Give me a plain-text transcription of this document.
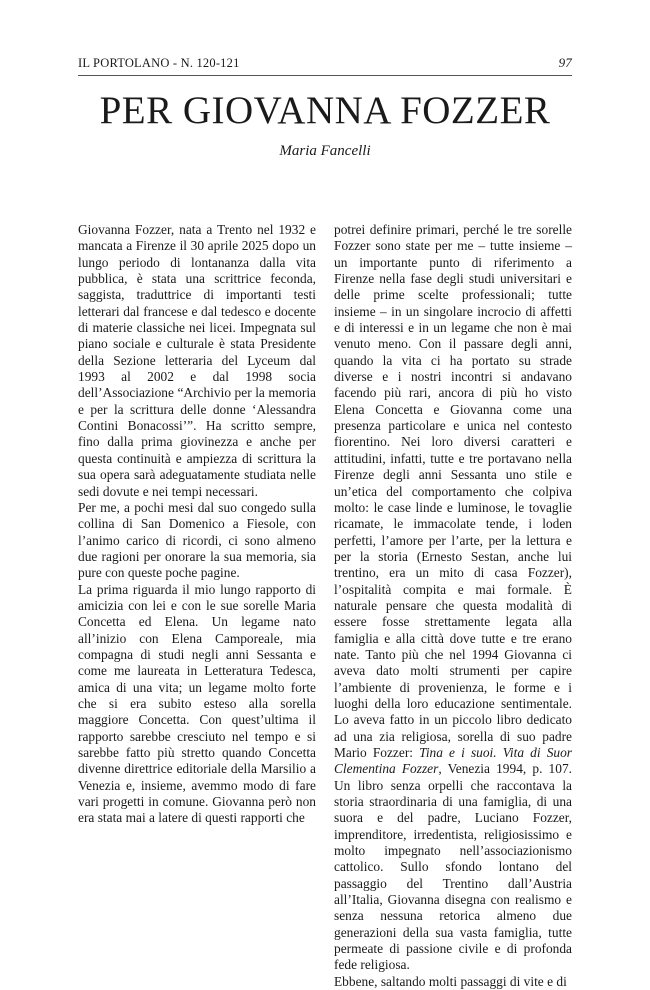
IL PORTOLANO - N. 120-121	97
PER GIOVANNA FOZZER
Maria Fancelli

Giovanna Fozzer, nata a Trento nel 1932 e mancata a Firenze il 30 aprile 2025 dopo un lungo periodo di lontananza dalla vita pubblica, è stata una scrittrice feconda, saggista, traduttrice di importanti testi letterari dal francese e dal tedesco e docente di materie classiche nei licei. Impegnata sul piano sociale e culturale è stata Presidente della Sezione letteraria del Lyceum dal 1993 al 2002 e dal 1998 socia dell’Associazione “Archivio per la memoria e per la scrittura delle donne ‘Alessandra Contini Bonacossi’”. Ha scritto sempre, fino dalla prima giovinezza e anche per questa continuità e ampiezza di scrittura la sua opera sarà adeguatamente studiata nelle sedi dovute e nei tempi necessari.

Per me, a pochi mesi dal suo congedo sulla collina di San Domenico a Fiesole, con l’animo carico di ricordi, ci sono almeno due ragioni per onorare la sua memoria, sia pure con queste poche pagine.

La prima riguarda il mio lungo rapporto di amicizia con lei e con le sue sorelle Maria Concetta ed Elena. Un legame nato all’inizio con Elena Camporeale, mia compagna di studi negli anni Sessanta e come me laureata in Letteratura Tedesca, amica di una vita; un legame molto forte che si era subito esteso alla sorella maggiore Concetta. Con quest’ultima il rapporto sarebbe cresciuto nel tempo e si sarebbe fatto più stretto quando Concetta divenne direttrice editoriale della Marsilio a Venezia e, insieme, avemmo modo di fare vari progetti in comune. Giovanna però non era stata mai a latere di questi rapporti che

potrei definire primari, perché le tre sorelle Fozzer sono state per me – tutte insieme – un importante punto di riferimento a Firenze nella fase degli studi universitari e delle prime scelte professionali; tutte insieme – in un singolare incrocio di affetti e di interessi e in un legame che non è mai venuto meno. Con il passare degli anni, quando la vita ci ha portato su strade diverse e i nostri incontri si andavano facendo più rari, ancora di più ho visto Elena Concetta e Giovanna come una presenza particolare e unica nel contesto fiorentino. Nei loro diversi caratteri e attitudini, infatti, tutte e tre portavano nella Firenze degli anni Sessanta uno stile e un’etica del comportamento che colpiva molto: le case linde e luminose, le tovaglie ricamate, le immacolate tende, i loden perfetti, l’amore per l’arte, per la lettura e per la storia (Ernesto Sestan, anche lui trentino, era un mito di casa Fozzer), l’ospitalità compita e mai formale. È naturale pensare che questa modalità di essere fosse strettamente legata alla famiglia e alla città dove tutte e tre erano nate. Tanto più che nel 1994 Giovanna ci aveva dato molti strumenti per capire l’ambiente di provenienza, le forme e i luoghi della loro educazione sentimentale. Lo aveva fatto in un piccolo libro dedicato ad una zia religiosa, sorella di suo padre Mario Fozzer: Tina e i suoi. Vita di Suor Clementina Fozzer, Venezia 1994, p. 107. Un libro senza orpelli che raccontava la storia straordinaria di una famiglia, di una suora e del padre, Luciano Fozzer, imprenditore, irredentista, religiosissimo e molto impegnato nell’associazionismo cattolico. Sullo sfondo lontano del passaggio del Trentino dall’Austria all’Italia, Giovanna disegna con realismo e senza nessuna retorica almeno due generazioni della sua vasta famiglia, tutte permeate di passione civile e di profonda fede religiosa.

Ebbene, saltando molti passaggi di vite e di
